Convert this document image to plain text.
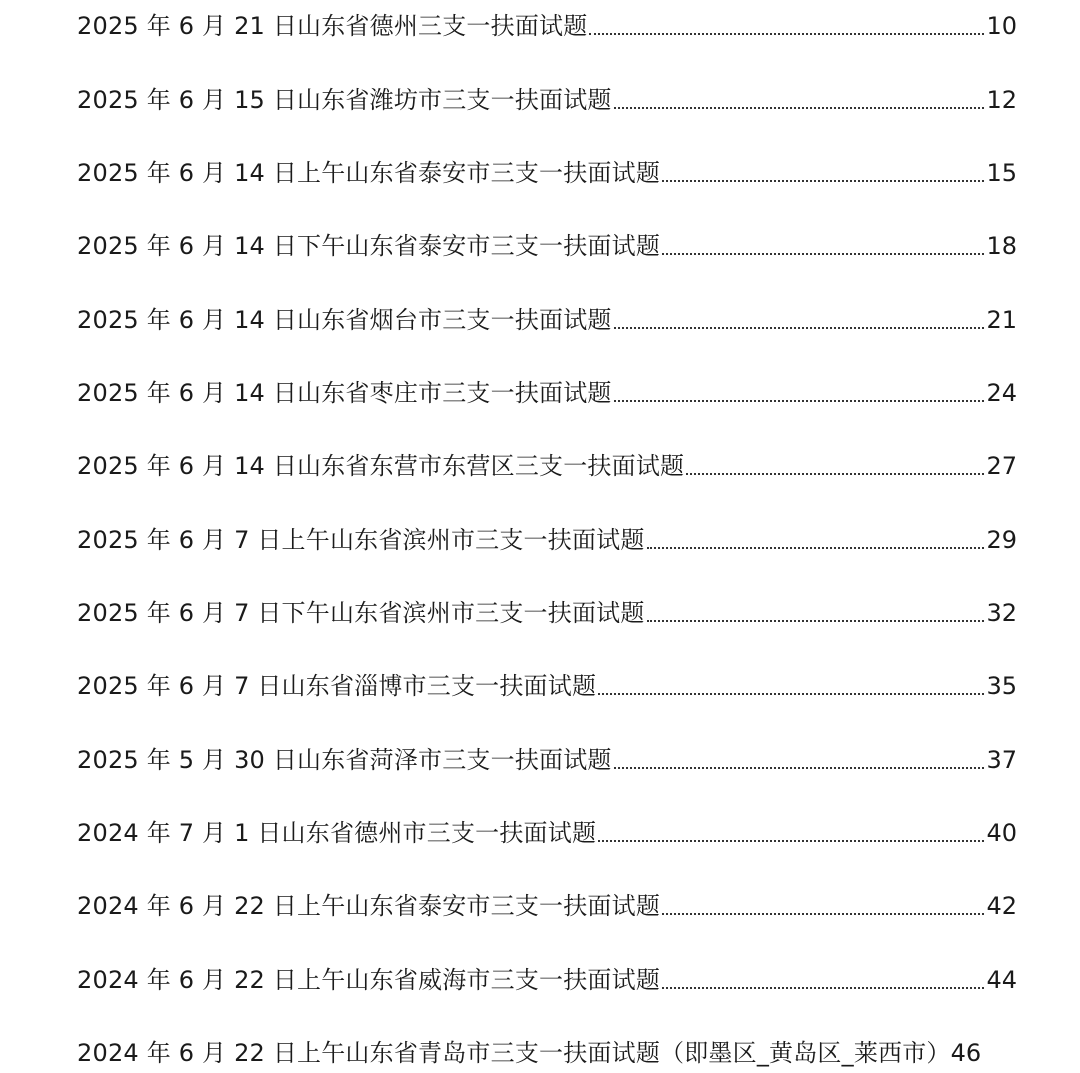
2025 年 6 月 21 日山东省德州三支一扶面试题	10
2025 年 6 月 15 日山东省潍坊市三支一扶面试题	12
2025 年 6 月 14 日上午山东省泰安市三支一扶面试题	15
2025 年 6 月 14 日下午山东省泰安市三支一扶面试题	18
2025 年 6 月 14 日山东省烟台市三支一扶面试题	21
2025 年 6 月 14 日山东省枣庄市三支一扶面试题	24
2025 年 6 月 14 日山东省东营市东营区三支一扶面试题	27
2025 年 6 月 7 日上午山东省滨州市三支一扶面试题	29
2025 年 6 月 7 日下午山东省滨州市三支一扶面试题	32
2025 年 6 月 7 日山东省淄博市三支一扶面试题	35
2025 年 5 月 30 日山东省菏泽市三支一扶面试题	37
2024 年 7 月 1 日山东省德州市三支一扶面试题	40
2024 年 6 月 22 日上午山东省泰安市三支一扶面试题	42
2024 年 6 月 22 日上午山东省威海市三支一扶面试题	44
2024 年 6 月 22 日上午山东省青岛市三支一扶面试题（即墨区_黄岛区_莱西市） 46
